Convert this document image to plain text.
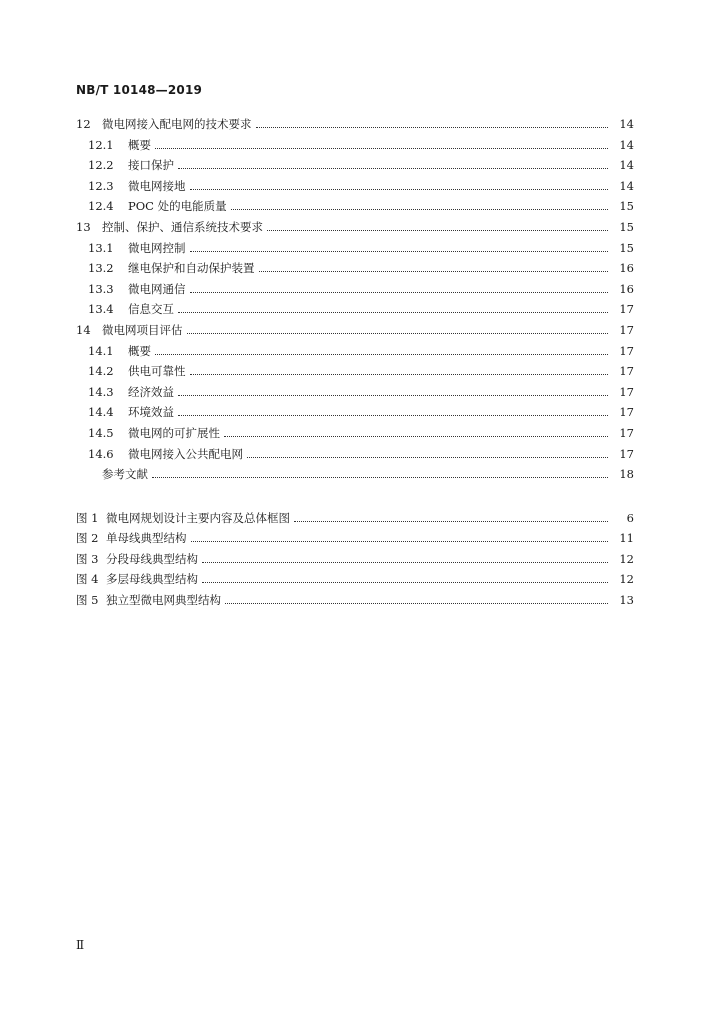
NB/T 10148—2019
12 微电网接入配电网的技术要求	14
12.1	概要	14
12.2	接口保护	14
12.3	微电网接地	14
12.4	POC 处的电能质量	15
13 控制、保护、通信系统技术要求	15
13.1	微电网控制	15
13.2	继电保护和自动保护装置	16
13.3	微电网通信	16
13.4	信息交互	17
14 微电网项目评估	17
14.1	概要	17
14.2	供电可靠性	17
14.3	经济效益	17
14.4	环境效益	17
14.5	微电网的可扩展性	17
14.6	微电网接入公共配电网	17
参考文献	18
图 1 微电网规划设计主要内容及总体框图	6
图 2 单母线典型结构	11
图 3 分段母线典型结构	12
图 4 多层母线典型结构	12
图 5 独立型微电网典型结构	13
Ⅱ
